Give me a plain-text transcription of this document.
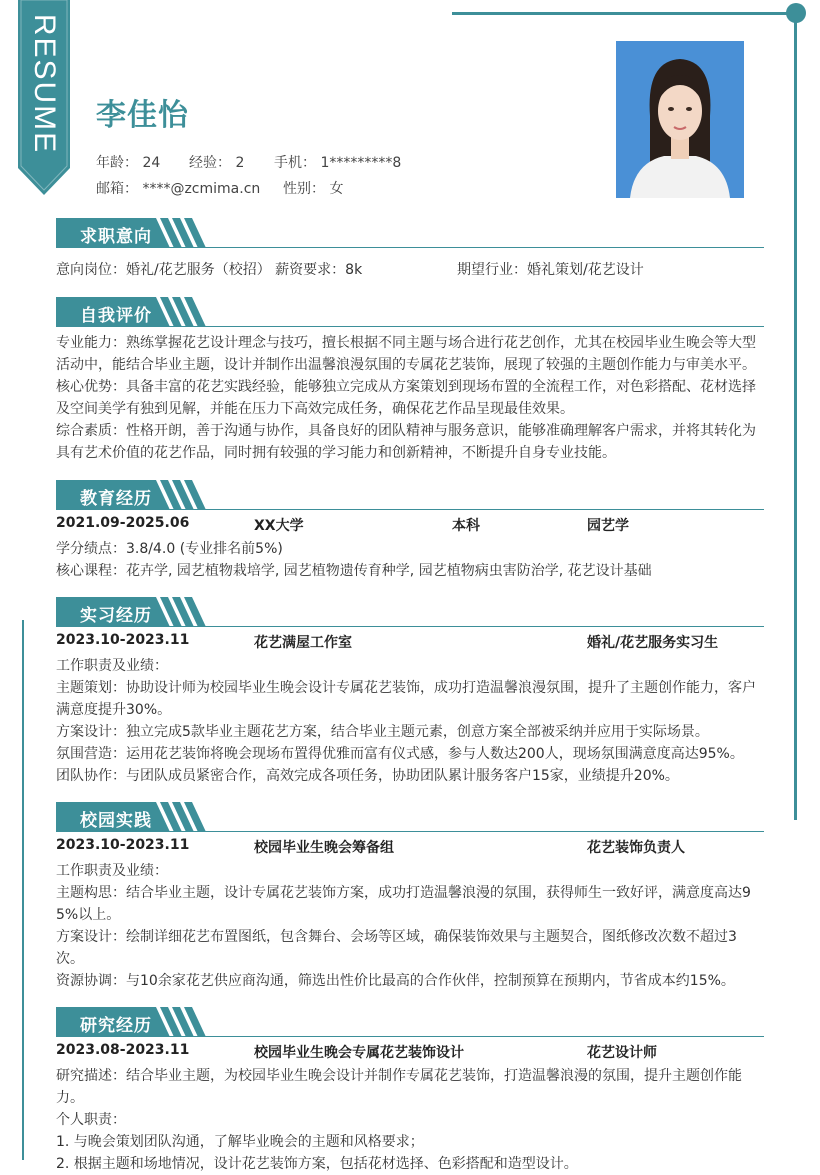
RESUME 李佳怡
年龄： 24 经验： 2 手机： 1*********8
邮箱： ****@zcmima.cn 性别： 女
求职意向
意向岗位：婚礼/花艺服务（校招） 薪资要求：8k	期望行业：婚礼策划/花艺设计
自我评价
专业能力：熟练掌握花艺设计理念与技巧，擅长根据不同主题与场合进行花艺创作，尤其在校园毕业生晚会等大型
活动中，能结合毕业主题，设计并制作出温馨浪漫氛围的专属花艺装饰，展现了较强的主题创作能力与审美水平。
核心优势：具备丰富的花艺实践经验，能够独立完成从方案策划到现场布置的全流程工作，对色彩搭配、花材选择
及空间美学有独到见解，并能在压力下高效完成任务，确保花艺作品呈现最佳效果。
综合素质：性格开朗，善于沟通与协作，具备良好的团队精神与服务意识，能够准确理解客户需求，并将其转化为
具有艺术价值的花艺作品，同时拥有较强的学习能力和创新精神，不断提升自身专业技能。
教育经历
2021.09-2025.06	XX大学	本科	园艺学
学分绩点：3.8/4.0 (专业排名前5%)
核心课程：花卉学, 园艺植物栽培学, 园艺植物遗传育种学, 园艺植物病虫害防治学, 花艺设计基础
实习经历
2023.10-2023.11	花艺满屋工作室	婚礼/花艺服务实习生
工作职责及业绩：
主题策划：协助设计师为校园毕业生晚会设计专属花艺装饰，成功打造温馨浪漫氛围，提升了主题创作能力，客户
满意度提升30%。
方案设计：独立完成5款毕业主题花艺方案，结合毕业主题元素，创意方案全部被采纳并应用于实际场景。
氛围营造：运用花艺装饰将晚会现场布置得优雅而富有仪式感，参与人数达200人，现场氛围满意度高达95%。
团队协作：与团队成员紧密合作，高效完成各项任务，协助团队累计服务客户15家，业绩提升20%。
校园实践
2023.10-2023.11	校园毕业生晚会筹备组	花艺装饰负责人
工作职责及业绩：
主题构思：结合毕业主题，设计专属花艺装饰方案，成功打造温馨浪漫的氛围，获得师生一致好评，满意度高达9
5%以上。
方案设计：绘制详细花艺布置图纸，包含舞台、会场等区域，确保装饰效果与主题契合，图纸修改次数不超过3
次。
资源协调：与10余家花艺供应商沟通，筛选出性价比最高的合作伙伴，控制预算在预期内，节省成本约15%。
研究经历
2023.08-2023.11	校园毕业生晚会专属花艺装饰设计	花艺设计师
研究描述：结合毕业主题，为校园毕业生晚会设计并制作专属花艺装饰，打造温馨浪漫的氛围，提升主题创作能
力。
个人职责：
1. 与晚会策划团队沟通，了解毕业晚会的主题和风格要求；
2. 根据主题和场地情况，设计花艺装饰方案，包括花材选择、色彩搭配和造型设计。
